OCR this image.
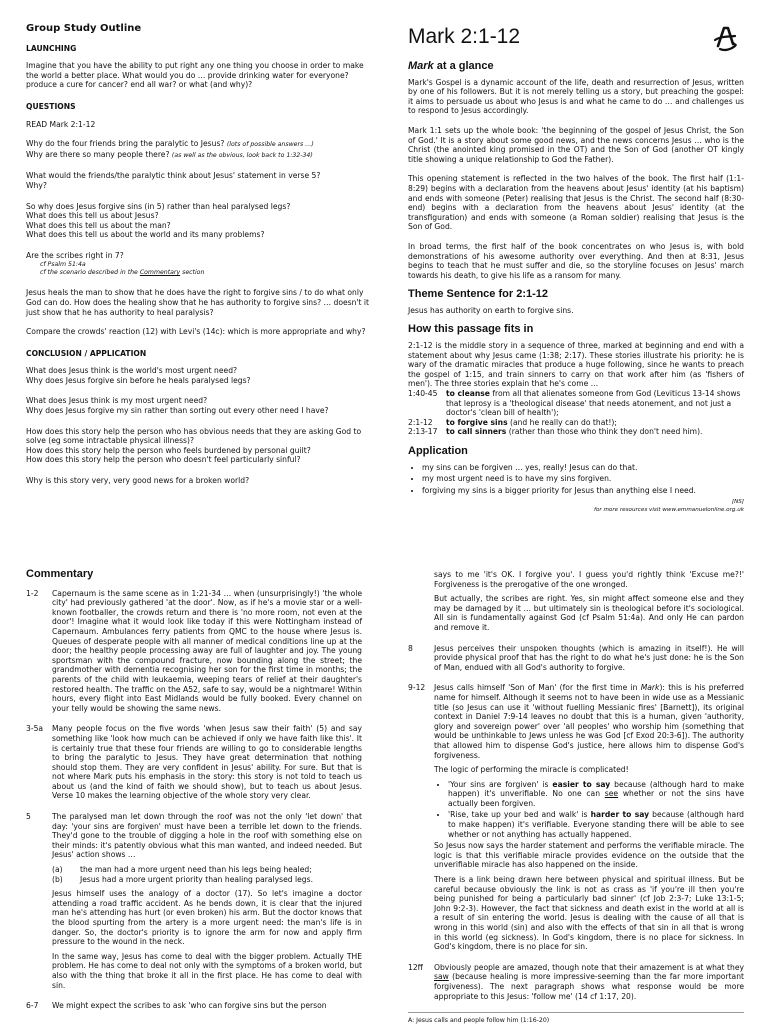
Group Study Outline
LAUNCHING

Imagine that you have the ability to put right any one thing you choose in order to make the world a better place. What would you do … provide drinking water for everyone? produce a cure for cancer? end all war? or what (and why)?

QUESTIONS

READ Mark 2:1-12

Why do the four friends bring the paralytic to Jesus? (lots of possible answers …)
Why are there so many people there? (as well as the obvious, look back to 1:32-34)
What would the friends/the paralytic think about Jesus' statement in verse 5?
Why?
So why does Jesus forgive sins (in 5) rather than heal paralysed legs?
What does this tell us about Jesus?
What does this tell us about the man?
What does this tell us about the world and its many problems?
Are the scribes right in 7?
cf Psalm 51:4a
cf the scenario described in the Commentary section

Jesus heals the man to show that he does have the right to forgive sins / to do what only God can do. How does the healing show that he has authority to forgive sins? … doesn't it just show that he has authority to heal paralysis?

Compare the crowds' reaction (12) with Levi's (14c): which is more appropriate and why?

CONCLUSION / APPLICATION
What does Jesus think is the world's most urgent need?
Why does Jesus forgive sin before he heals paralysed legs?
What does Jesus think is my most urgent need?
Why does Jesus forgive my sin rather than sorting out every other need I have?
How does this story help the person who has obvious needs that they are asking God to solve (eg some intractable physical illness)?
How does this story help the person who feels burdened by personal guilt?
How does this story help the person who doesn't feel particularly sinful?
Why is this story very, very good news for a broken world?
Mark 2:1-12
Mark at a glance

Mark's Gospel is a dynamic account of the life, death and resurrection of Jesus, written by one of his followers. But it is not merely telling us a story, but preaching the gospel: it aims to persuade us about who Jesus is and what he came to do … and challenges us to respond to Jesus accordingly.

Mark 1:1 sets up the whole book: 'the beginning of the gospel of Jesus Christ, the Son of God.' It is a story about some good news, and the news concerns Jesus … who is the Christ (the anointed king promised in the OT) and the Son of God (another OT kingly title showing a unique relationship to God the Father).

This opening statement is reflected in the two halves of the book. The first half (1:1-8:29) begins with a declaration from the heavens about Jesus' identity (at his baptism) and ends with someone (Peter) realising that Jesus is the Christ. The second half (8:30-end) begins with a declaration from the heavens about Jesus' identity (at the transfiguration) and ends with someone (a Roman soldier) realising that Jesus is the Son of God.

In broad terms, the first half of the book concentrates on who Jesus is, with bold demonstrations of his awesome authority over everything. And then at 8:31, Jesus begins to teach that he must suffer and die, so the storyline focuses on Jesus' march towards his death, to give his life as a ransom for many.

Theme Sentence for 2:1-12

Jesus has authority on earth to forgive sins.

How this passage fits in

2:1-12 is the middle story in a sequence of three, marked at beginning and end with a statement about why Jesus came (1:38; 2:17). These stories illustrate his priority: he is wary of the dramatic miracles that produce a huge following, since he wants to preach the gospel of 1:15, and train sinners to carry on that work after him (as 'fishers of men'). The three stories explain that he's come …

1:40-45	to cleanse from all that alienates someone from God (Leviticus 13-14 shows that leprosy is a 'theological disease' that needs atonement, and not just a doctor's 'clean bill of health');
2:1-12	to forgive sins (and he really can do that!);
2:13-17	to call sinners (rather than those who think they don't need him).
Application
• my sins can be forgiven … yes, really! Jesus can do that.
• my most urgent need is to have my sins forgiven.
• forgiving my sins is a bigger priority for Jesus than anything else I need.
[NS]
for more resources visit www.emmanuelonline.org.uk
Commentary
1-2	Capernaum is the same scene as in 1:21-34 … when (unsurprisingly!) 'the whole city' had previously gathered 'at the door'. Now, as if he's a movie star or a well-known footballer, the crowds return and there is 'no more room, not even at the door'! Imagine what it would look like today if this were Nottingham instead of Capernaum. Ambulances ferry patients from QMC to the house where Jesus is. Queues of desperate people with all manner of medical conditions line up at the door; the healthy people processing away are full of laughter and joy. The young sportsman with the compound fracture, now bounding along the street; the grandmother with dementia recognising her son for the first time in months; the parents of the child with leukaemia, weeping tears of relief at their daughter's restored health. The traffic on the A52, safe to say, would be a nightmare! Within hours, every flight into East Midlands would be fully booked. Every channel on your telly would be showing the same news.

3-5a	Many people focus on the five words 'when Jesus saw their faith' (5) and say something like 'look how much can be achieved if only we have faith like this'. It is certainly true that these four friends are willing to go to considerable lengths to bring the paralytic to Jesus. They have great determination that nothing should stop them. They are very confident in Jesus' ability. For sure. But that is not where Mark puts his emphasis in the story: this story is not told to teach us about us (and the kind of faith we should show), but to teach us about Jesus. Verse 10 makes the learning objective of the whole story very clear.

5	The paralysed man let down through the roof was not the only 'let down' that day: 'your sins are forgiven' must have been a terrible let down to the friends. They'd gone to the trouble of digging a hole in the roof with something else on their minds: it's patently obvious what this man wanted, and indeed needed. But Jesus' action shows …

(a)	the man had a more urgent need than his legs being healed;
(b)	Jesus had a more urgent priority than healing paralysed legs.

Jesus himself uses the analogy of a doctor (17). So let's imagine a doctor attending a road traffic accident. As he bends down, it is clear that the injured man he's attending has hurt (or even broken) his arm. But the doctor knows that the blood spurting from the artery is a more urgent need: the man's life is in danger. So, the doctor's priority is to ignore the arm for now and apply firm pressure to the wound in the neck.

In the same way, Jesus has come to deal with the bigger problem. Actually THE problem. He has come to deal not only with the symptoms of a broken world, but also with the thing that broke it all in the first place. He has come to deal with sin.

6-7	We might expect the scribes to ask 'who can forgive sins but the person

says to me 'it's OK. I forgive you'. I guess you'd rightly think 'Excuse me?!' Forgiveness is the prerogative of the one wronged.

But actually, the scribes are right. Yes, sin might affect someone else and they may be damaged by it … but ultimately sin is theological before it's sociological. All sin is fundamentally against God (cf Psalm 51:4a). And only He can pardon and remove it.

8	Jesus perceives their unspoken thoughts (which is amazing in itself!). He will provide physical proof that has the right to do what he's just done: he is the Son of Man, endued with all God's authority to forgive.

9-12	Jesus calls himself 'Son of Man' (for the first time in Mark): this is his preferred name for himself. Although it seems not to have been in wide use as a Messianic title (so Jesus can use it 'without fuelling Messianic fires' [Barnett]), its original context in Daniel 7:9-14 leaves no doubt that this is a human, given 'authority, glory and sovereign power' over 'all peoples' who worship him (something that would be unthinkable to Jews unless he was God [cf Exod 20:3-6]). The authority that allowed him to dispense God's justice, here allows him to dispense God's forgiveness.

The logic of performing the miracle is complicated!

• 'Your sins are forgiven' is easier to say because (although hard to make happen) it's unverifiable. No one can see whether or not the sins have actually been forgiven.
• 'Rise, take up your bed and walk' is harder to say because (although hard to make happen) it's verifiable. Everyone standing there will be able to see whether or not anything has actually happened.

So Jesus now says the harder statement and performs the verifiable miracle. The logic is that this verifiable miracle provides evidence on the outside that the unverifiable miracle has also happened on the inside.

There is a link being drawn here between physical and spiritual illness. But be careful because obviously the link is not as crass as 'if you're ill then you're being punished for being a particularly bad sinner' (cf Job 2:3-7; Luke 13:1-5; John 9:2-3). However, the fact that sickness and death exist in the world at all is a result of sin entering the world. Jesus is dealing with the cause of all that is wrong in this world (sin) and also with the effects of that sin in all that is wrong in this world (eg sickness). In God's kingdom, there is no place for sickness. In God's kingdom, there is no place for sin.

12ff	Obviously people are amazed, though note that their amazement is at what they saw (because healing is more impressive-seeming than the far more important forgiveness). The next paragraph shows what response would be more appropriate to this Jesus: 'follow me' (14 cf 1:17, 20).

A: Jesus calls and people follow him (1:16-20)
